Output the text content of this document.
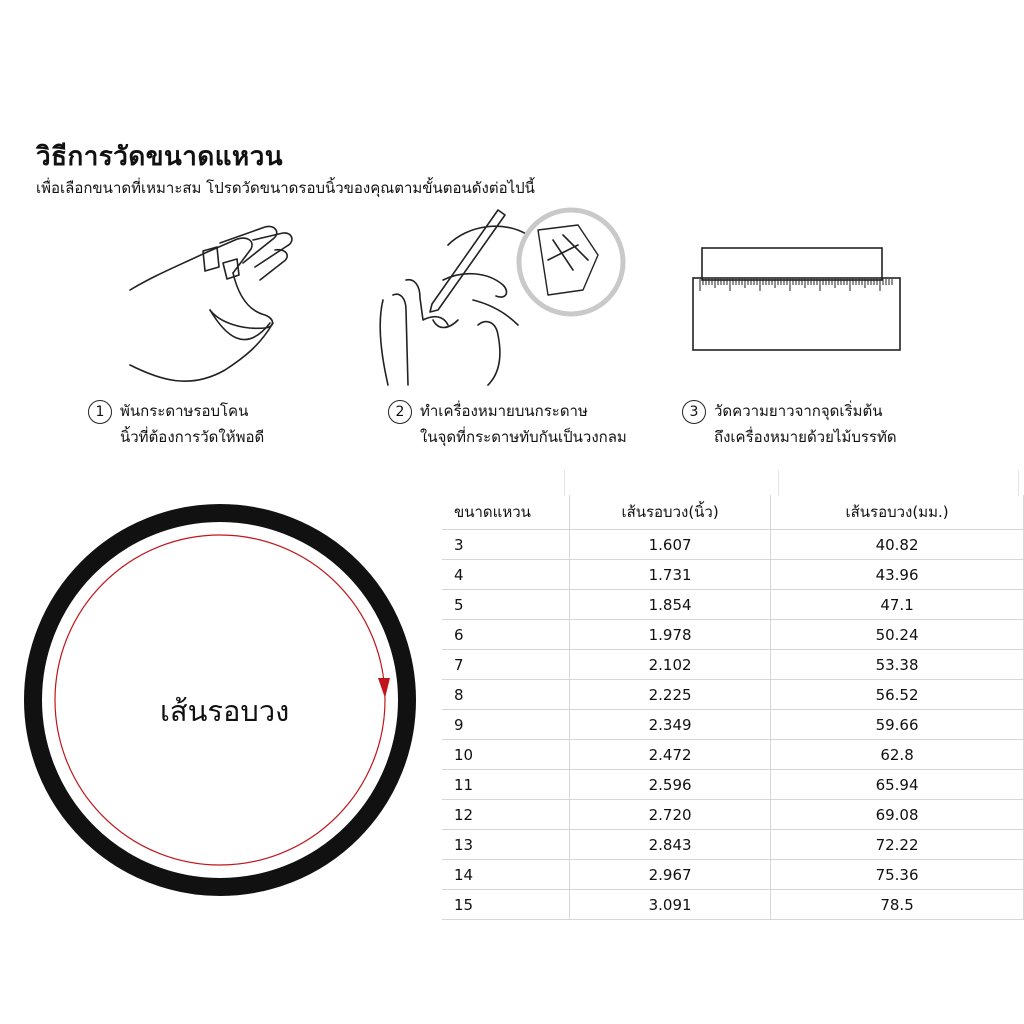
วิธีการวัดขนาดแหวน
เพื่อเลือกขนาดที่เหมาะสม โปรดวัดขนาดรอบนิ้วของคุณตามขั้นตอนดังต่อไปนี้
1	พันกระดาษรอบโคน
นิ้วที่ต้องการวัดให้พอดี
2	ทำเครื่องหมายบนกระดาษ
ในจุดที่กระดาษทับกันเป็นวงกลม
3	วัดความยาวจากจุดเริ่มต้น
ถึงเครื่องหมายด้วยไม้บรรทัด
เส้นรอบวง
ขนาดแหวน	เส้นรอบวง(นิ้ว)	เส้นรอบวง(มม.)
3	1.607	40.82
4	1.731	43.96
5	1.854	47.1
6	1.978	50.24
7	2.102	53.38
8	2.225	56.52
9	2.349	59.66
10	2.472	62.8
11	2.596	65.94
12	2.720	69.08
13	2.843	72.22
14	2.967	75.36
15	3.091	78.5
